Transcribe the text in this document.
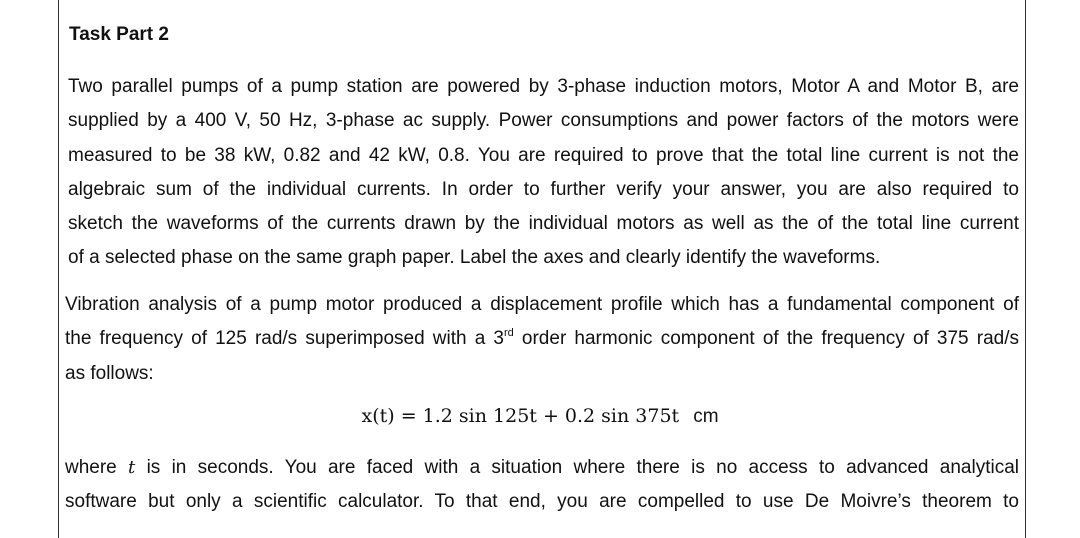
Task Part 2
Two parallel pumps of a pump station are powered by 3-phase induction motors, Motor A and Motor B, are
supplied by a 400 V, 50 Hz, 3-phase ac supply. Power consumptions and power factors of the motors were
measured to be 38 kW, 0.82 and 42 kW, 0.8. You are required to prove that the total line current is not the
algebraic sum of the individual currents. In order to further verify your answer, you are also required to
sketch the waveforms of the currents drawn by the individual motors as well as the of the total line current
of a selected phase on the same graph paper. Label the axes and clearly identify the waveforms.
Vibration analysis of a pump motor produced a displacement profile which has a fundamental component of
the frequency of 125 rad/s superimposed with a 3rd order harmonic component of the frequency of 375 rad/s
as follows:
x(t) = 1.2 sin 125t + 0.2 sin 375t cm
where t is in seconds. You are faced with a situation where there is no access to advanced analytical
software but only a scientific calculator. To that end, you are compelled to use De Moivre’s theorem to
